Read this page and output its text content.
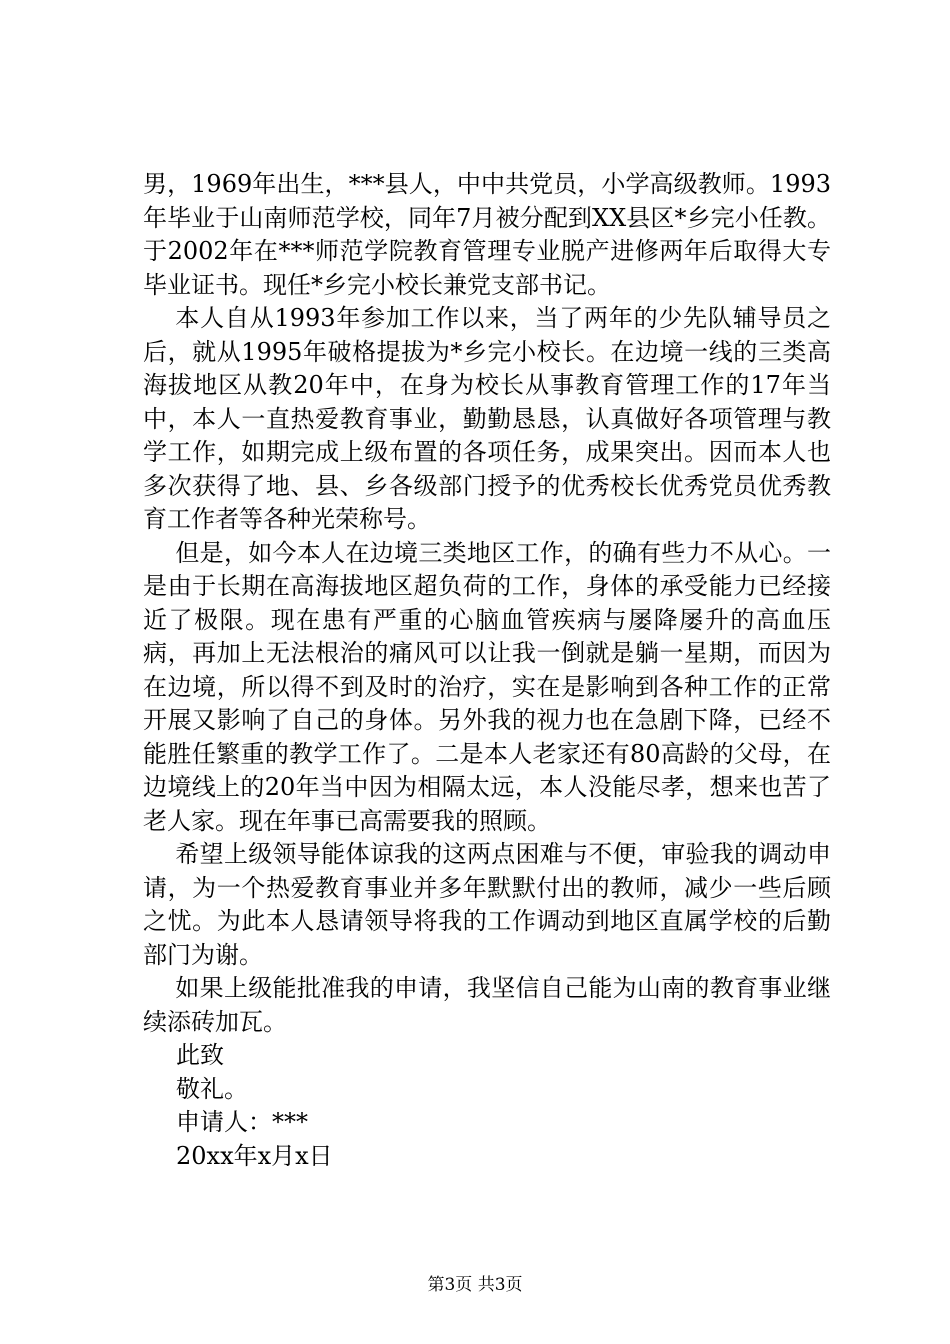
男，1969年出生，***县人，中中共党员，小学高级教师。1993年毕业于山南师范学校，同年7月被分配到XX县区*乡完小任教。于2002年在***师范学院教育管理专业脱产进修两年后取得大专毕业证书。现任*乡完小校长兼党支部书记。

本人自从1993年参加工作以来，当了两年的少先队辅导员之后，就从1995年破格提拔为*乡完小校长。在边境一线的三类高海拔地区从教20年中，在身为校长从事教育管理工作的17年当中，本人一直热爱教育事业，勤勤恳恳，认真做好各项管理与教学工作，如期完成上级布置的各项任务，成果突出。因而本人也多次获得了地、县、乡各级部门授予的优秀校长优秀党员优秀教育工作者等各种光荣称号。

但是，如今本人在边境三类地区工作，的确有些力不从心。一是由于长期在高海拔地区超负荷的工作，身体的承受能力已经接近了极限。现在患有严重的心脑血管疾病与屡降屡升的高血压病，再加上无法根治的痛风可以让我一倒就是躺一星期，而因为在边境，所以得不到及时的治疗，实在是影响到各种工作的正常开展又影响了自己的身体。另外我的视力也在急剧下降，已经不能胜任繁重的教学工作了。二是本人老家还有80高龄的父母，在边境线上的20年当中因为相隔太远，本人没能尽孝，想来也苦了老人家。现在年事已高需要我的照顾。

希望上级领导能体谅我的这两点困难与不便，审验我的调动申请，为一个热爱教育事业并多年默默付出的教师，减少一些后顾之忧。为此本人恳请领导将我的工作调动到地区直属学校的后勤部门为谢。

如果上级能批准我的申请，我坚信自己能为山南的教育事业继续添砖加瓦。

此致

敬礼。

申请人：***

20xx年x月x日

第3页 共3页
